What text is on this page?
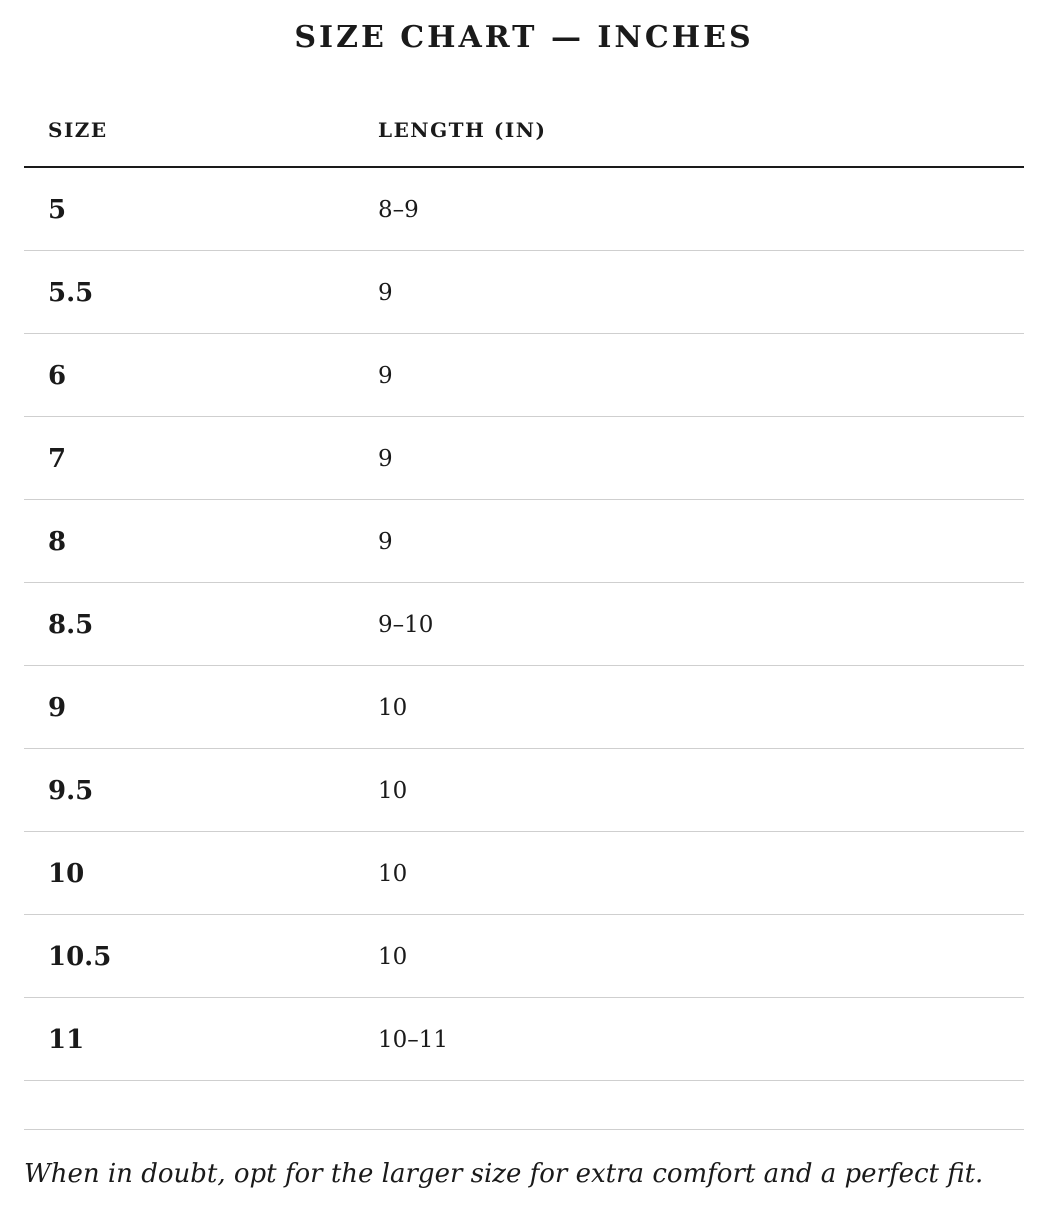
SIZE CHART — INCHES
SIZE	LENGTH (IN)
5	8–9
5.5	9
6	9
7	9
8	9
8.5	9–10
9	10
9.5	10
10	10
10.5	10
11	10–11
When in doubt, opt for the larger size for extra comfort and a perfect fit.
